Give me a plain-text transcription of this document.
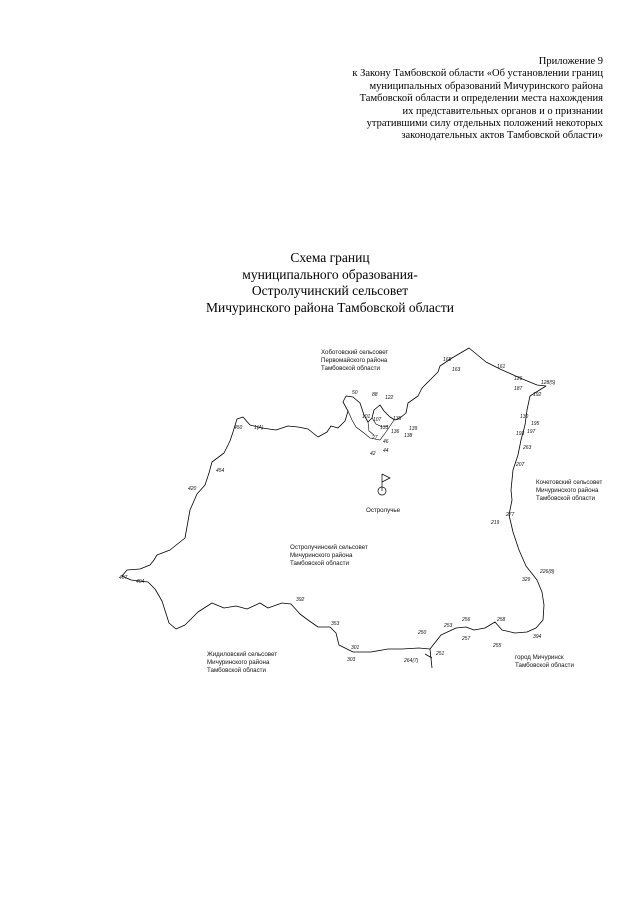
Приложение 9
к Закону Тамбовской области «Об установлении границ
муниципальных образований Мичуринского района
Тамбовской области и определении места нахождения
их представительных органов и о признании
утратившими силу отдельных положений некоторых
законодательных актов Тамбовской области»
Схема границ
муниципального образования-
Остролучинский сельсовет
Мичуринского района Тамбовской области
Остролучье
Хоботовский сельсовет
Первомайского района
Тамбовской области
Кочетовский сельсовет
Мичуринского района
Тамбовской области
Остролучинский сельсовет
Мичуринского района
Тамбовской области
Жидиловский сельсовет
Мичуринского района
Тамбовской области
город Мичуринск
Тамбовской области
168
163	161
126
128(5)
187
192
130
195
197
193
263
207
277
219
226(8)
329
394
258
255
256
257
253
250
251
264(7)
301
303
353
392
407
404
420
454
450 1(А)
50	88 122
101 107 135
133
136 139
138
27
46
42 44
